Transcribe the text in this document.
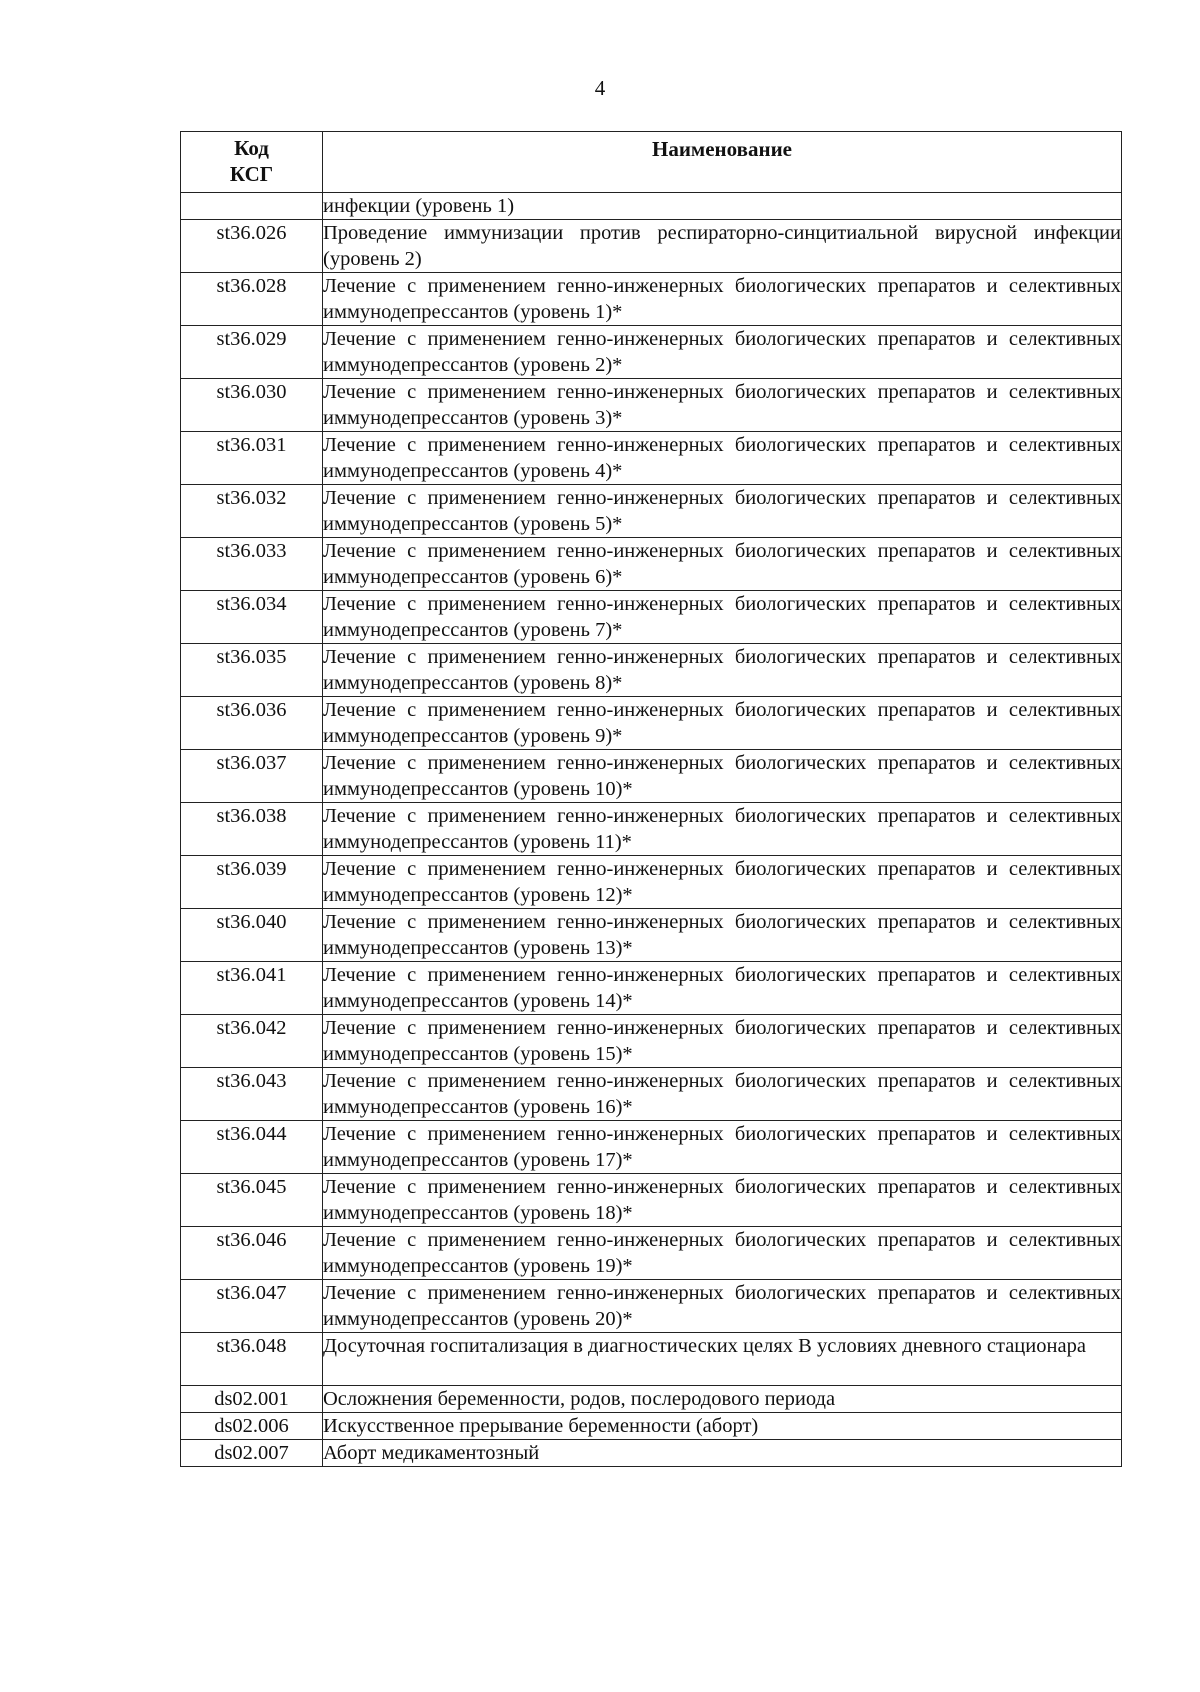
4
Код
КСГ	Наименование
	инфекции (уровень 1)
st36.026	Проведение иммунизации против респираторно-синцитиальной вирусной инфекции (уровень 2)
st36.028	Лечение с применением генно-инженерных биологических препаратов и селективных иммунодепрессантов (уровень 1)*
st36.029	Лечение с применением генно-инженерных биологических препаратов и селективных иммунодепрессантов (уровень 2)*
st36.030	Лечение с применением генно-инженерных биологических препаратов и селективных иммунодепрессантов (уровень 3)*
st36.031	Лечение с применением генно-инженерных биологических препаратов и селективных иммунодепрессантов (уровень 4)*
st36.032	Лечение с применением генно-инженерных биологических препаратов и селективных иммунодепрессантов (уровень 5)*
st36.033	Лечение с применением генно-инженерных биологических препаратов и селективных иммунодепрессантов (уровень 6)*
st36.034	Лечение с применением генно-инженерных биологических препаратов и селективных иммунодепрессантов (уровень 7)*
st36.035	Лечение с применением генно-инженерных биологических препаратов и селективных иммунодепрессантов (уровень 8)*
st36.036	Лечение с применением генно-инженерных биологических препаратов и селективных иммунодепрессантов (уровень 9)*
st36.037	Лечение с применением генно-инженерных биологических препаратов и селективных иммунодепрессантов (уровень 10)*
st36.038	Лечение с применением генно-инженерных биологических препаратов и селективных иммунодепрессантов (уровень 11)*
st36.039	Лечение с применением генно-инженерных биологических препаратов и селективных иммунодепрессантов (уровень 12)*
st36.040	Лечение с применением генно-инженерных биологических препаратов и селективных иммунодепрессантов (уровень 13)*
st36.041	Лечение с применением генно-инженерных биологических препаратов и селективных иммунодепрессантов (уровень 14)*
st36.042	Лечение с применением генно-инженерных биологических препаратов и селективных иммунодепрессантов (уровень 15)*
st36.043	Лечение с применением генно-инженерных биологических препаратов и селективных иммунодепрессантов (уровень 16)*
st36.044	Лечение с применением генно-инженерных биологических препаратов и селективных иммунодепрессантов (уровень 17)*
st36.045	Лечение с применением генно-инженерных биологических препаратов и селективных иммунодепрессантов (уровень 18)*
st36.046	Лечение с применением генно-инженерных биологических препаратов и селективных иммунодепрессантов (уровень 19)*
st36.047	Лечение с применением генно-инженерных биологических препаратов и селективных иммунодепрессантов (уровень 20)*
st36.048	Досуточная госпитализация в диагностических целях В условиях дневного стационара
ds02.001	Осложнения беременности, родов, послеродового периода
ds02.006	Искусственное прерывание беременности (аборт)
ds02.007	Аборт медикаментозный
